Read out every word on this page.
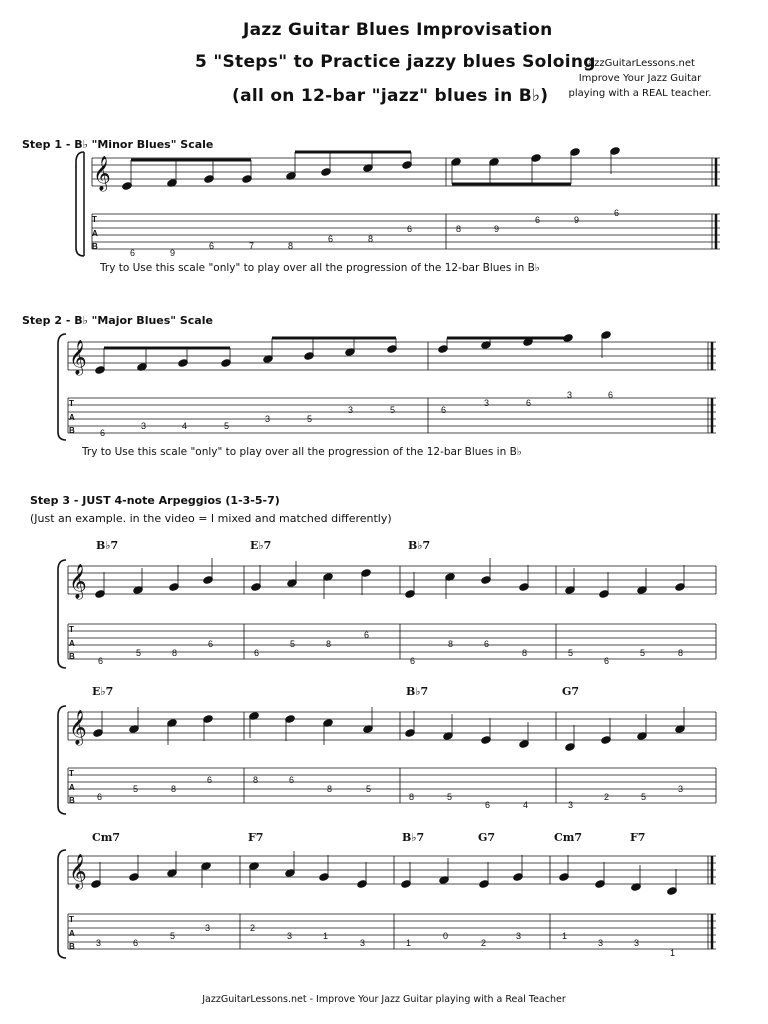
Jazz Guitar Blues Improvisation
5 "Steps" to Practice jazzy blues Soloing
(all on 12-bar "jazz" blues in B♭)
JazzGuitarLessons.net
Improve Your Jazz Guitar
playing with a REAL teacher.
Step 1 - B♭ "Minor Blues" Scale
Try to Use this scale "only" to play over all the progression of the 12-bar Blues in B♭
Step 2 - B♭ "Major Blues" Scale
Try to Use this scale "only" to play over all the progression of the 12-bar Blues in B♭
Step 3 - JUST 4-note Arpeggios (1-3-5-7)
(Just an example. in the video = I mixed and matched differently)
𝄞
T
A
B
6	9
6	7	8
6	8
6	8	9
6	9
6
𝄞
T
A
B	6
3	4	5
3	5
3	5	6
3	6
3	6
B♭7	E♭7	B♭7
𝄞
T
A
B	6
5	8
6
6
5	8
6
6
8	6
8	5
6
5	8
E♭7	B♭7	G7
𝄞
T
A
B 6
5	8
6	8	6
8	5
8	5
6	4	3
2	5
3
Cm7	F7	B♭7	G7	Cm7	F7
𝄞
T
A
B 3	6
5
3	2
3	1
3	1
0
2
3	1
3	3
1
JazzGuitarLessons.net - Improve Your Jazz Guitar playing with a Real Teacher
